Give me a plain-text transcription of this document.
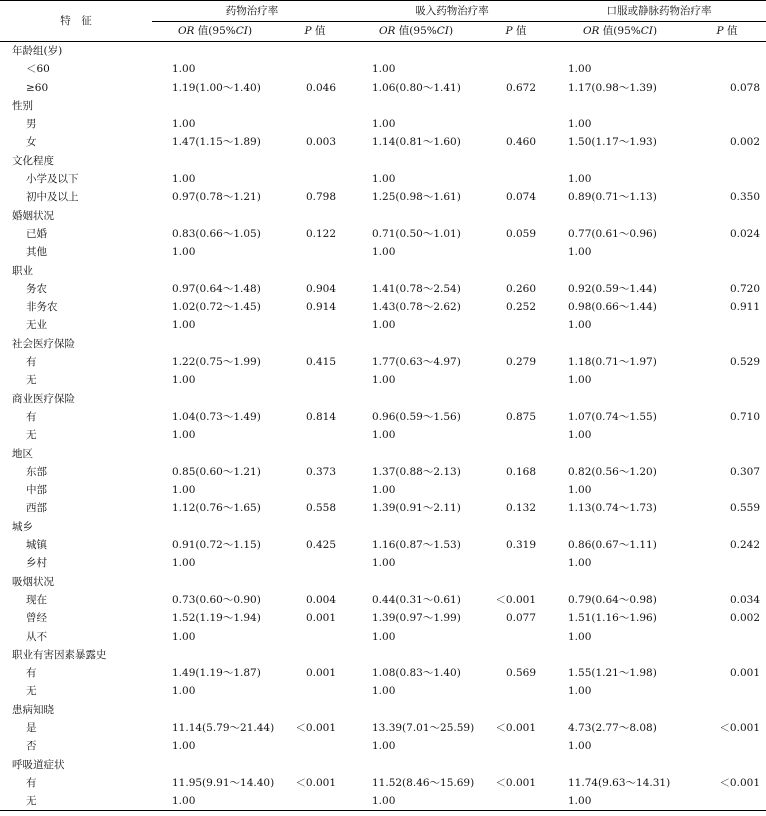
特　征	药物治疗率		吸入药物治疗率		口服或静脉药物治疗率	
	OR 值(95%CI)	P 值	OR 值(95%CI)	P 值	OR 值(95%CI)	P 值
年龄组(岁)						
＜60	1.00		1.00		1.00	
≥60	1.19(1.00～1.40)	0.046	1.06(0.80～1.41)	0.672	1.17(0.98～1.39)	0.078
性别						
男	1.00		1.00		1.00	
女	1.47(1.15～1.89)	0.003	1.14(0.81～1.60)	0.460	1.50(1.17～1.93)	0.002
文化程度						
小学及以下	1.00		1.00		1.00	
初中及以上	0.97(0.78～1.21)	0.798	1.25(0.98～1.61)	0.074	0.89(0.71～1.13)	0.350
婚姻状况						
已婚	0.83(0.66～1.05)	0.122	0.71(0.50～1.01)	0.059	0.77(0.61～0.96)	0.024
其他	1.00		1.00		1.00	
职业						
务农	0.97(0.64～1.48)	0.904	1.41(0.78～2.54)	0.260	0.92(0.59～1.44)	0.720
非务农	1.02(0.72～1.45)	0.914	1.43(0.78～2.62)	0.252	0.98(0.66～1.44)	0.911
无业	1.00		1.00		1.00	
社会医疗保险						
有	1.22(0.75～1.99)	0.415	1.77(0.63～4.97)	0.279	1.18(0.71～1.97)	0.529
无	1.00		1.00		1.00	
商业医疗保险						
有	1.04(0.73～1.49)	0.814	0.96(0.59～1.56)	0.875	1.07(0.74～1.55)	0.710
无	1.00		1.00		1.00	
地区						
东部	0.85(0.60～1.21)	0.373	1.37(0.88～2.13)	0.168	0.82(0.56～1.20)	0.307
中部	1.00		1.00		1.00	
西部	1.12(0.76～1.65)	0.558	1.39(0.91～2.11)	0.132	1.13(0.74～1.73)	0.559
城乡						
城镇	0.91(0.72～1.15)	0.425	1.16(0.87～1.53)	0.319	0.86(0.67～1.11)	0.242
乡村	1.00		1.00		1.00	
吸烟状况						
现在	0.73(0.60～0.90)	0.004	0.44(0.31～0.61)	＜0.001	0.79(0.64～0.98)	0.034
曾经	1.52(1.19～1.94)	0.001	1.39(0.97～1.99)	0.077	1.51(1.16～1.96)	0.002
从不	1.00		1.00		1.00	
职业有害因素暴露史						
有	1.49(1.19～1.87)	0.001	1.08(0.83～1.40)	0.569	1.55(1.21～1.98)	0.001
无	1.00		1.00		1.00	
患病知晓						
是	11.14(5.79～21.44)	＜0.001	13.39(7.01～25.59)	＜0.001	4.73(2.77～8.08)	＜0.001
否	1.00		1.00		1.00	
呼吸道症状						
有	11.95(9.91～14.40)	＜0.001	11.52(8.46～15.69)	＜0.001	11.74(9.63～14.31)	＜0.001
无	1.00		1.00		1.00	
